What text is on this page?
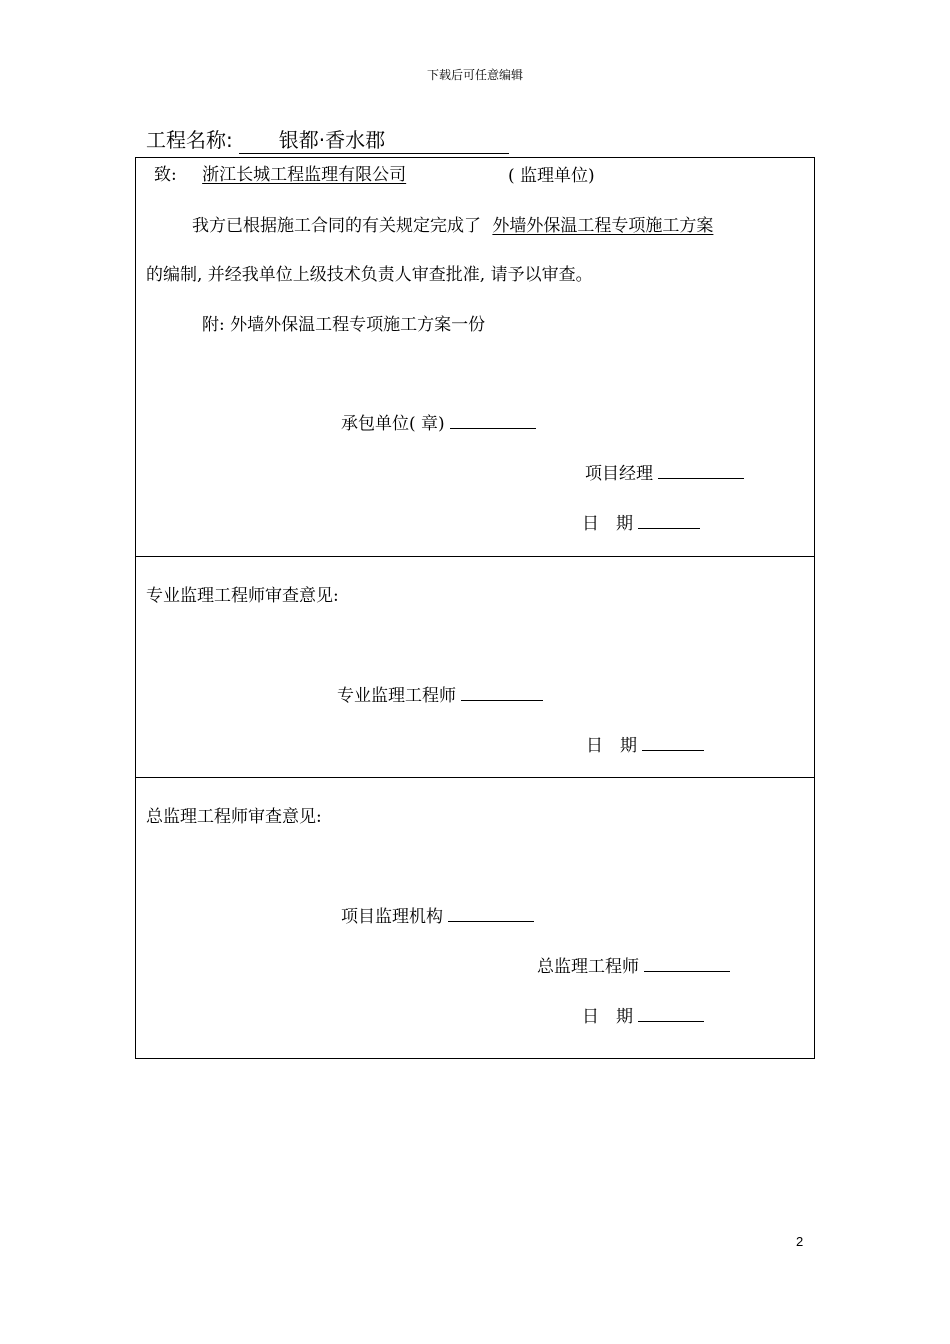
下载后可任意编辑
工程名称: 银都·香水郡
致: 浙江长城工程监理有限公司	( 监理单位)
我方已根据施工合同的有关规定完成了 外墙外保温工程专项施工方案
的编制, 并经我单位上级技术负责人审查批准, 请予以审查。
附: 外墙外保温工程专项施工方案一份
承包单位( 章)
项目经理
日　期
专业监理工程师审查意见:
专业监理工程师
日　期
总监理工程师审查意见:
项目监理机构
总监理工程师
日　期
2
